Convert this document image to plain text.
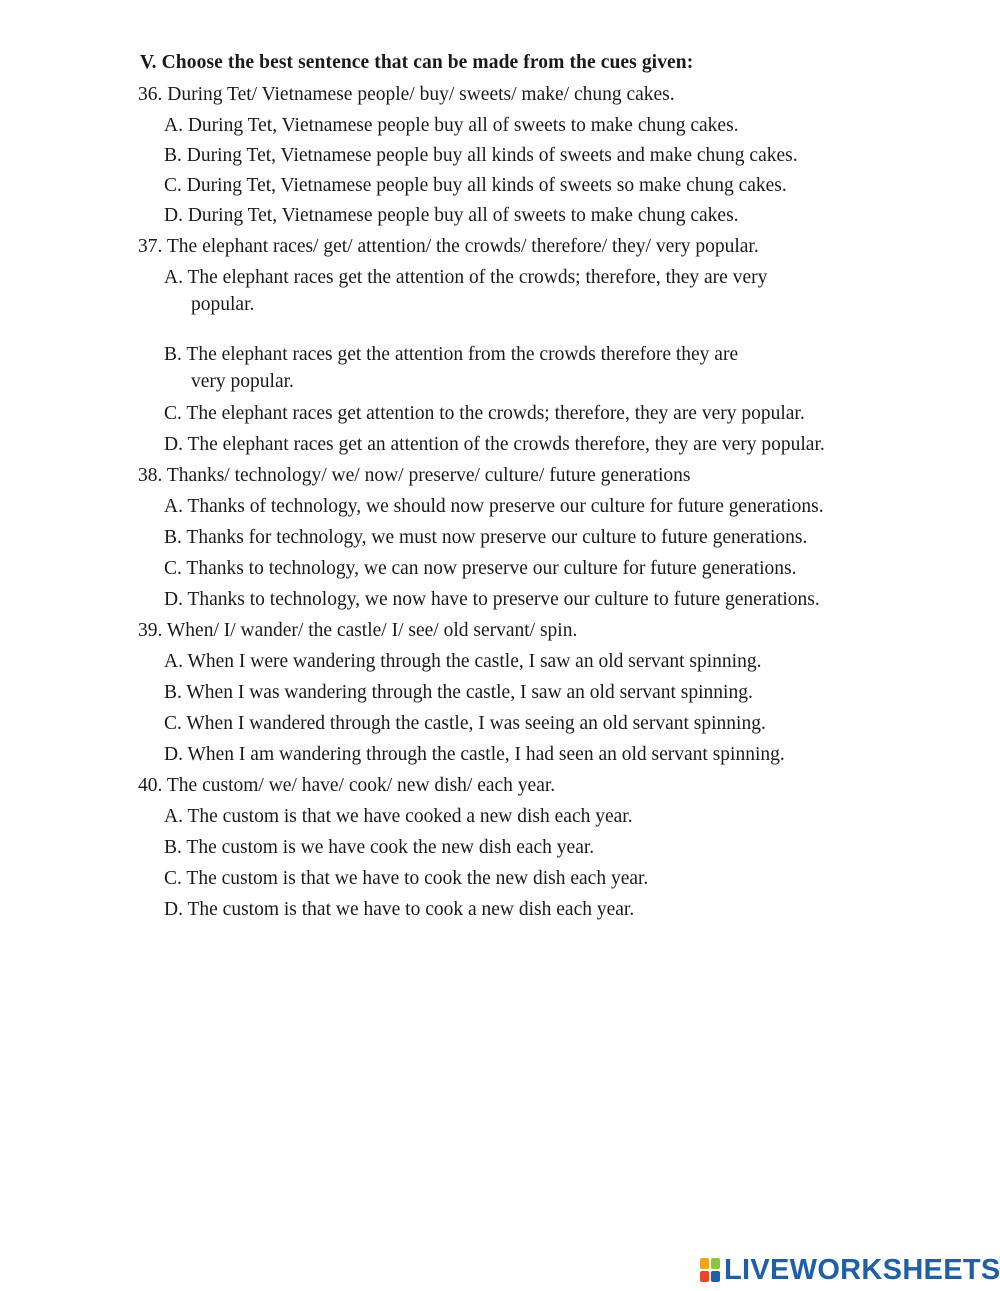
V. Choose the best sentence that can be made from the cues given:
36. During Tet/ Vietnamese people/ buy/ sweets/ make/ chung cakes.
A. During Tet, Vietnamese people buy all of sweets to make chung cakes.
B. During Tet, Vietnamese people buy all kinds of sweets and make chung cakes.
C. During Tet, Vietnamese people buy all kinds of sweets so make chung cakes.
D. During Tet, Vietnamese people buy all of sweets to make chung cakes.
37. The elephant races/ get/ attention/ the crowds/ therefore/ they/ very popular.
A. The elephant races get the attention of the crowds; therefore, they are very
popular.
B. The elephant races get the attention from the crowds therefore they are
very popular.
C. The elephant races get attention to the crowds; therefore, they are very popular.
D. The elephant races get an attention of the crowds therefore, they are very popular.
38. Thanks/ technology/ we/ now/ preserve/ culture/ future generations
A. Thanks of technology, we should now preserve our culture for future generations.
B. Thanks for technology, we must now preserve our culture to future generations.
C. Thanks to technology, we can now preserve our culture for future generations.
D. Thanks to technology, we now have to preserve our culture to future generations.
39. When/ I/ wander/ the castle/ I/ see/ old servant/ spin.
A. When I were wandering through the castle, I saw an old servant spinning.
B. When I was wandering through the castle, I saw an old servant spinning.
C. When I wandered through the castle, I was seeing an old servant spinning.
D. When I am wandering through the castle, I had seen an old servant spinning.
40. The custom/ we/ have/ cook/ new dish/ each year.
A. The custom is that we have cooked a new dish each year.
B. The custom is we have cook the new dish each year.
C. The custom is that we have to cook the new dish each year.
D. The custom is that we have to cook a new dish each year.
LIVEWORKSHEETS
